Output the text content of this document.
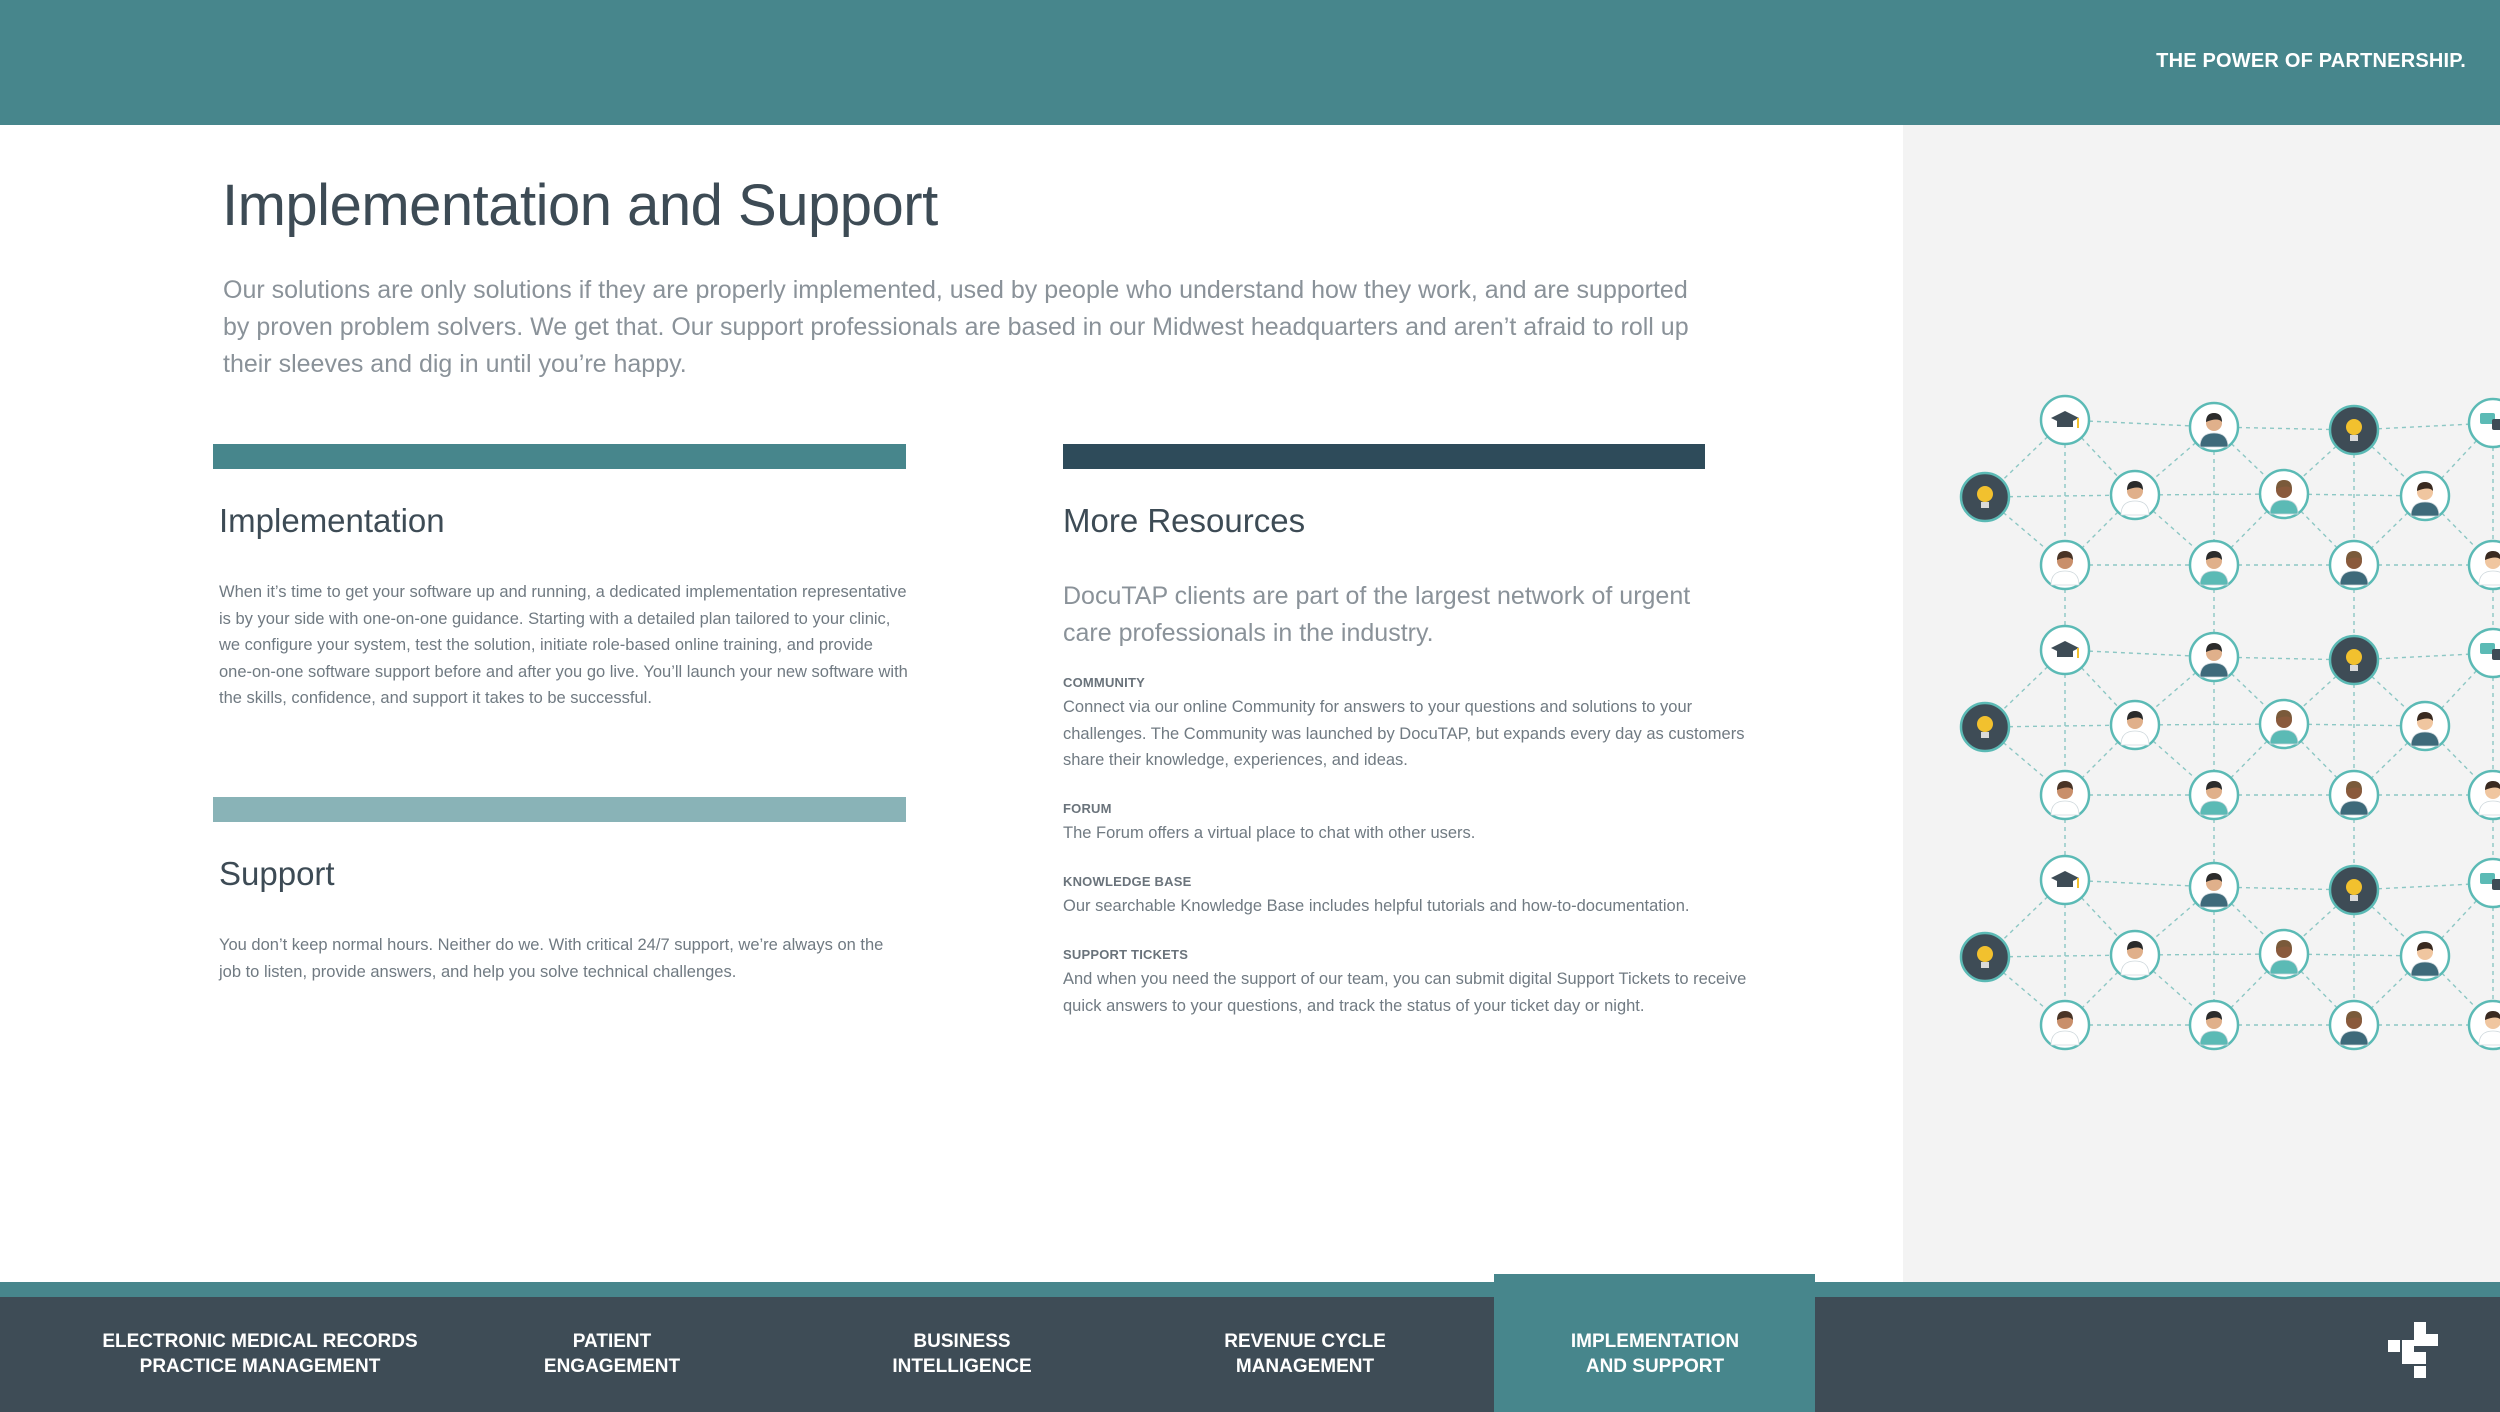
THE POWER OF PARTNERSHIP.
Implementation and Support

Our solutions are only solutions if they are properly implemented, used by people who understand how they work, and are supported by proven problem solvers. We get that. Our support professionals are based in our Midwest headquarters and aren’t afraid to roll up their sleeves and dig in until you’re happy.

Implementation

When it’s time to get your software up and running, a dedicated implementation representative is by your side with one-on-one guidance. Starting with a detailed plan tailored to your clinic, we configure your system, test the solution, initiate role-based online training, and provide one-on-one software support before and after you go live. You’ll launch your new software with the skills, confidence, and support it takes to be successful.

Support

You don’t keep normal hours. Neither do we. With critical 24/7 support, we’re always on the job to listen, provide answers, and help you solve technical challenges.

More Resources

DocuTAP clients are part of the largest network of urgent care professionals in the industry.

COMMUNITY
Connect via our online Community for answers to your questions and solutions to your challenges. The Community was launched by DocuTAP, but expands every day as customers share their knowledge, experiences, and ideas.
FORUM
The Forum offers a virtual place to chat with other users.
KNOWLEDGE BASE
Our searchable Knowledge Base includes helpful tutorials and how-to-documentation.
SUPPORT TICKETS
And when you need the support of our team, you can submit digital Support Tickets to receive quick answers to your questions, and track the status of your ticket day or night.
ELECTRONIC MEDICAL RECORDS
PRACTICE MANAGEMENT
PATIENT
ENGAGEMENT
BUSINESS
INTELLIGENCE
REVENUE CYCLE
MANAGEMENT
IMPLEMENTATION
AND SUPPORT
